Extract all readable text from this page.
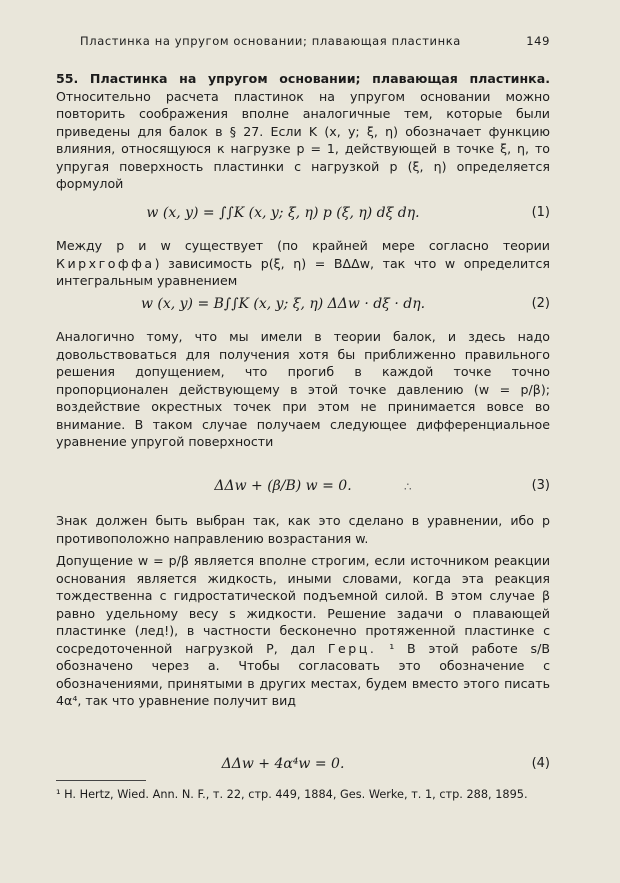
Пластинка на упругом основании; плавающая пластинка	149
55. Пластинка на упругом основании; плавающая пластинка. Относительно расчета пластинок на упругом основании можно повторить соображения вполне аналогичные тем, которые были приведены для балок в § 27. Если K (x, y; ξ, η) обозначает функцию влияния, относящуюся к нагрузке p = 1, действующей в точке ξ, η, то упругая поверхность пластинки с нагрузкой p (ξ, η) определяется формулой
w (x, y) = ∫∫K (x, y; ξ, η) p (ξ, η) dξ dη.	(1)
Между p и w существует (по крайней мере согласно теории Кирхгоффа) зависимость p(ξ, η) = BΔΔw, так что w определится интегральным уравнением
w (x, y) = B∫∫K (x, y; ξ, η) ΔΔw · dξ · dη.	(2)
Аналогично тому, что мы имели в теории балок, и здесь надо довольствоваться для получения хотя бы приближенно правильного решения допущением, что прогиб в каждой точке точно пропорционален действующему в этой точке давлению (w = p/β); воздействие окрестных точек при этом не принимается вовсе во внимание. В таком случае получаем следующее дифференциальное уравнение упругой поверхности
ΔΔw + (β/B) w = 0.	(3)
∴
Знак должен быть выбран так, как это сделано в уравнении, ибо p противоположно направлению возрастания w.
Допущение w = p/β является вполне строгим, если источником реакции основания является жидкость, иными словами, когда эта реакция тождественна с гидростатической подъемной силой. В этом случае β равно удельному весу s жидкости. Решение задачи о плавающей пластинке (лед!), в частности бесконечно протяженной пластинке с сосредоточенной нагрузкой P, дал Герц. ¹ В этой работе s/B обозначено через a. Чтобы согласовать это обозначение с обозначениями, принятыми в других местах, будем вместо этого писать 4α⁴, так что уравнение получит вид
ΔΔw + 4α⁴w = 0.	(4)
¹ H. Hertz, Wied. Ann. N. F., т. 22, стр. 449, 1884, Ges. Werke, т. 1, стр. 288, 1895.
